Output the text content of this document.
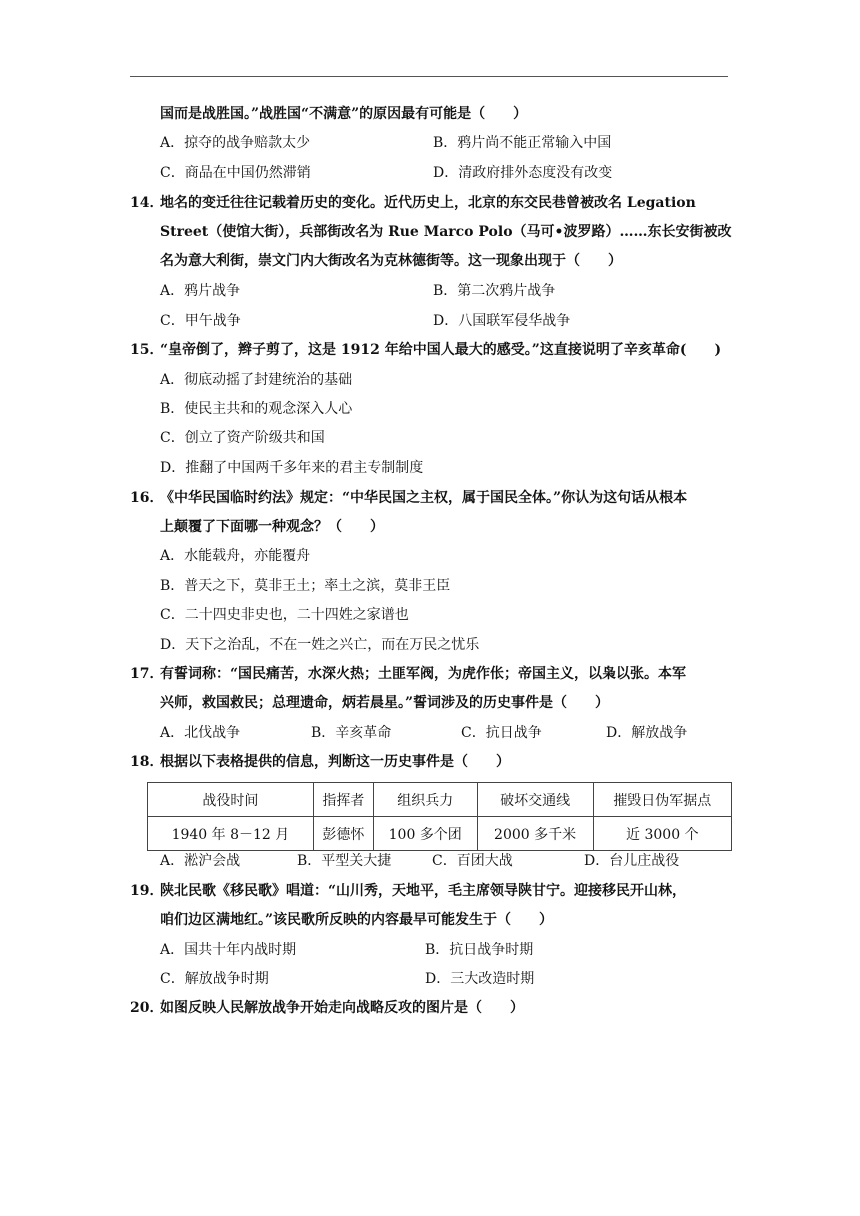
国而是战胜国。”战胜国“不满意”的原因最有可能是（　　）
A．掠夺的战争赔款太少	B．鸦片尚不能正常输入中国
C．商品在中国仍然滞销	D．清政府排外态度没有改变
14．
地名的变迁往往记载着历史的变化。近代历史上，北京的东交民巷曾被改名 Legation
Street（使馆大街），兵部街改名为 Rue Marco Polo（马可•波罗路）……东长安街被改
名为意大利街，崇文门内大街改名为克林德街等。这一现象出现于（　　）
A．鸦片战争	B．第二次鸦片战争
C．甲午战争	D．八国联军侵华战争
15．
“皇帝倒了，辫子剪了，这是 1912 年给中国人最大的感受。”这直接说明了辛亥革命(　　)
A．彻底动摇了封建统治的基础
B．使民主共和的观念深入人心
C．创立了资产阶级共和国
D．推翻了中国两千多年来的君主专制制度
16．
《中华民国临时约法》规定：“中华民国之主权，属于国民全体。”你认为这句话从根本
上颠覆了下面哪一种观念？（　　）
A．水能载舟，亦能覆舟
B．普天之下，莫非王土；率土之滨，莫非王臣
C．二十四史非史也，二十四姓之家谱也
D．天下之治乱，不在一姓之兴亡，而在万民之忧乐
17．
有誓词称：“国民痛苦，水深火热；土匪军阀，为虎作伥；帝国主义，以枭以张。本军
兴师，救国救民；总理遗命，炳若晨星。”誓词涉及的历史事件是（　　）
A．北伐战争	B．辛亥革命	C．抗日战争	D．解放战争
18．
根据以下表格提供的信息，判断这一历史事件是（　　）
战役时间	指挥者	组织兵力	破坏交通线	摧毁日伪军据点
1940 年 8－12 月	彭德怀	100 多个团	2000 多千米	近 3000 个
A．淞沪会战	B．平型关大捷	C．百团大战	D．台儿庄战役
19．
陕北民歌《移民歌》唱道：“山川秀，天地平，毛主席领导陕甘宁。迎接移民开山林，
咱们边区满地红。”该民歌所反映的内容最早可能发生于（　　）
A．国共十年内战时期	B．抗日战争时期
C．解放战争时期	D．三大改造时期
20．
如图反映人民解放战争开始走向战略反攻的图片是（　　）
